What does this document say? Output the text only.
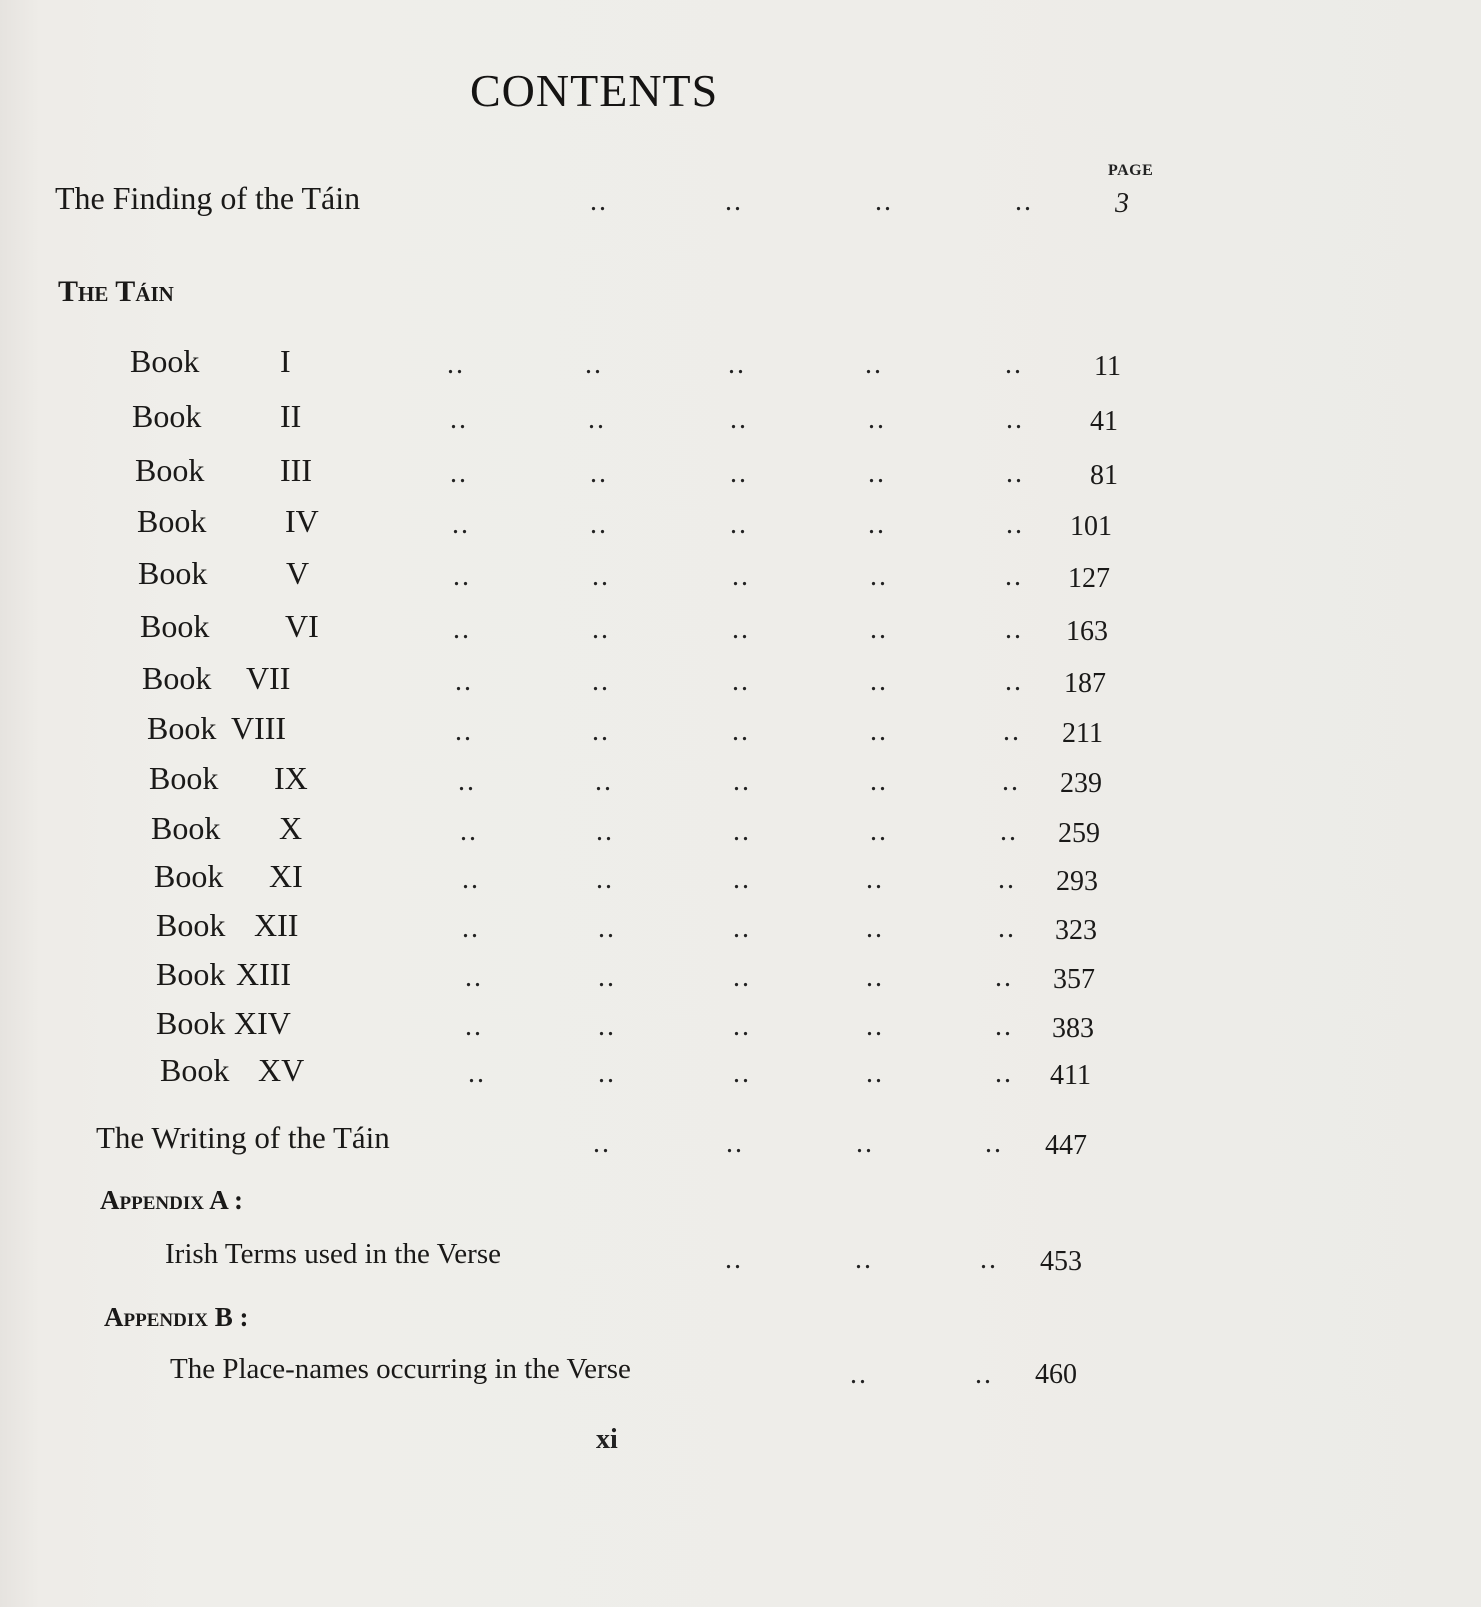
CONTENTS
PAGE
The Finding of the Táin	..	..	..	..	3
The Táin
Book	I	..	..	..	..	..	11
Book II	..	..	..	..	.. 41
Book III	..	..	..	..	.. 81
Book IV	..	..	..	..	.. 101
Book V	..	..	..	..	.. 127
Book VI	..	..	..	..	.. 163
Book VII	..	..	..	..	.. 187
Book VIII	..	..	..	..	.. 211
Book IX	..	..	..	..	.. 239
Book X	..	..	..	..	.. 259
Book XI	..	..	..	..	.. 293
Book XII	..	..	..	..	.. 323
Book XIII	..	..	..	..	.. 357
Book XIV	..	..	..	..	.. 383
Book XV	..	..	..	..	.. 411
The Writing of the Táin	..	..	..	.. 447
Appendix A :
Irish Terms used in the Verse	..	..	.. 453
Appendix B :
The Place-names occurring in the Verse	..	.. 460
xi
